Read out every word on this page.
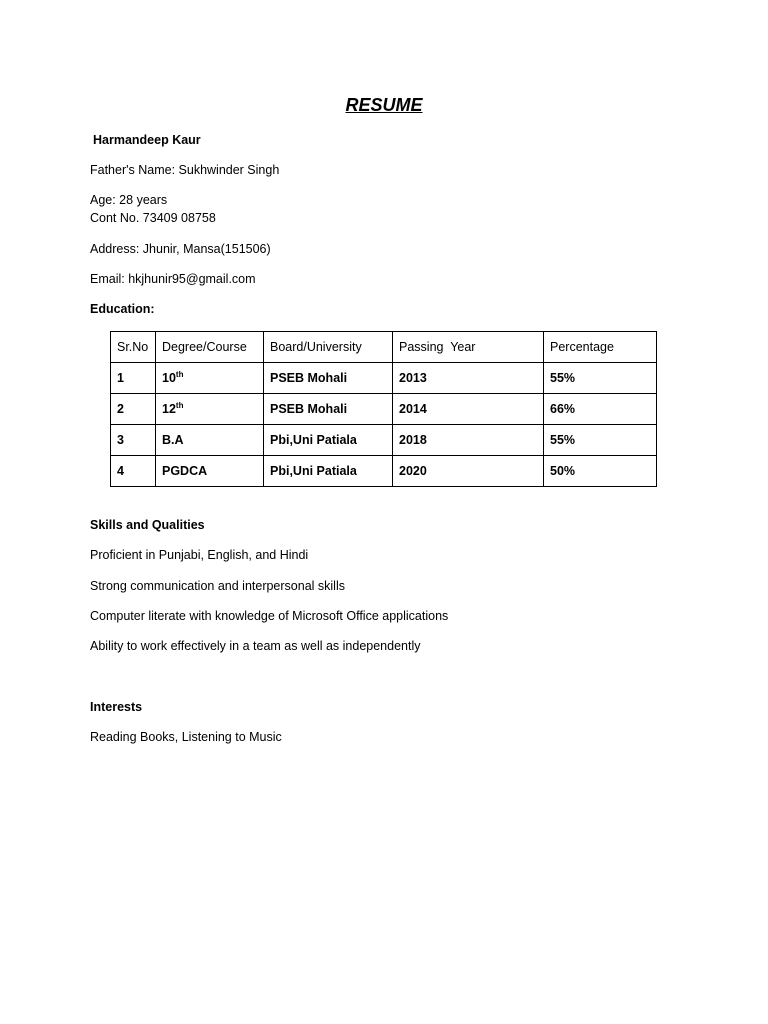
RESUME
Harmandeep Kaur
Father's Name: Sukhwinder Singh
Age: 28 years
Cont No. 73409 08758
Address: Jhunir, Mansa(151506)
Email: hkjhunir95@gmail.com
Education:
Sr.No	Degree/Course	Board/University	Passing  Year	Percentage
1	10th	PSEB Mohali	2013	55%
2	12th	PSEB Mohali	2014	66%
3	B.A	Pbi,Uni Patiala	2018	55%
4	PGDCA	Pbi,Uni Patiala	2020	50%
Skills and Qualities
Proficient in Punjabi, English, and Hindi
Strong communication and interpersonal skills
Computer literate with knowledge of Microsoft Office applications
Ability to work effectively in a team as well as independently
Interests
Reading Books, Listening to Music
